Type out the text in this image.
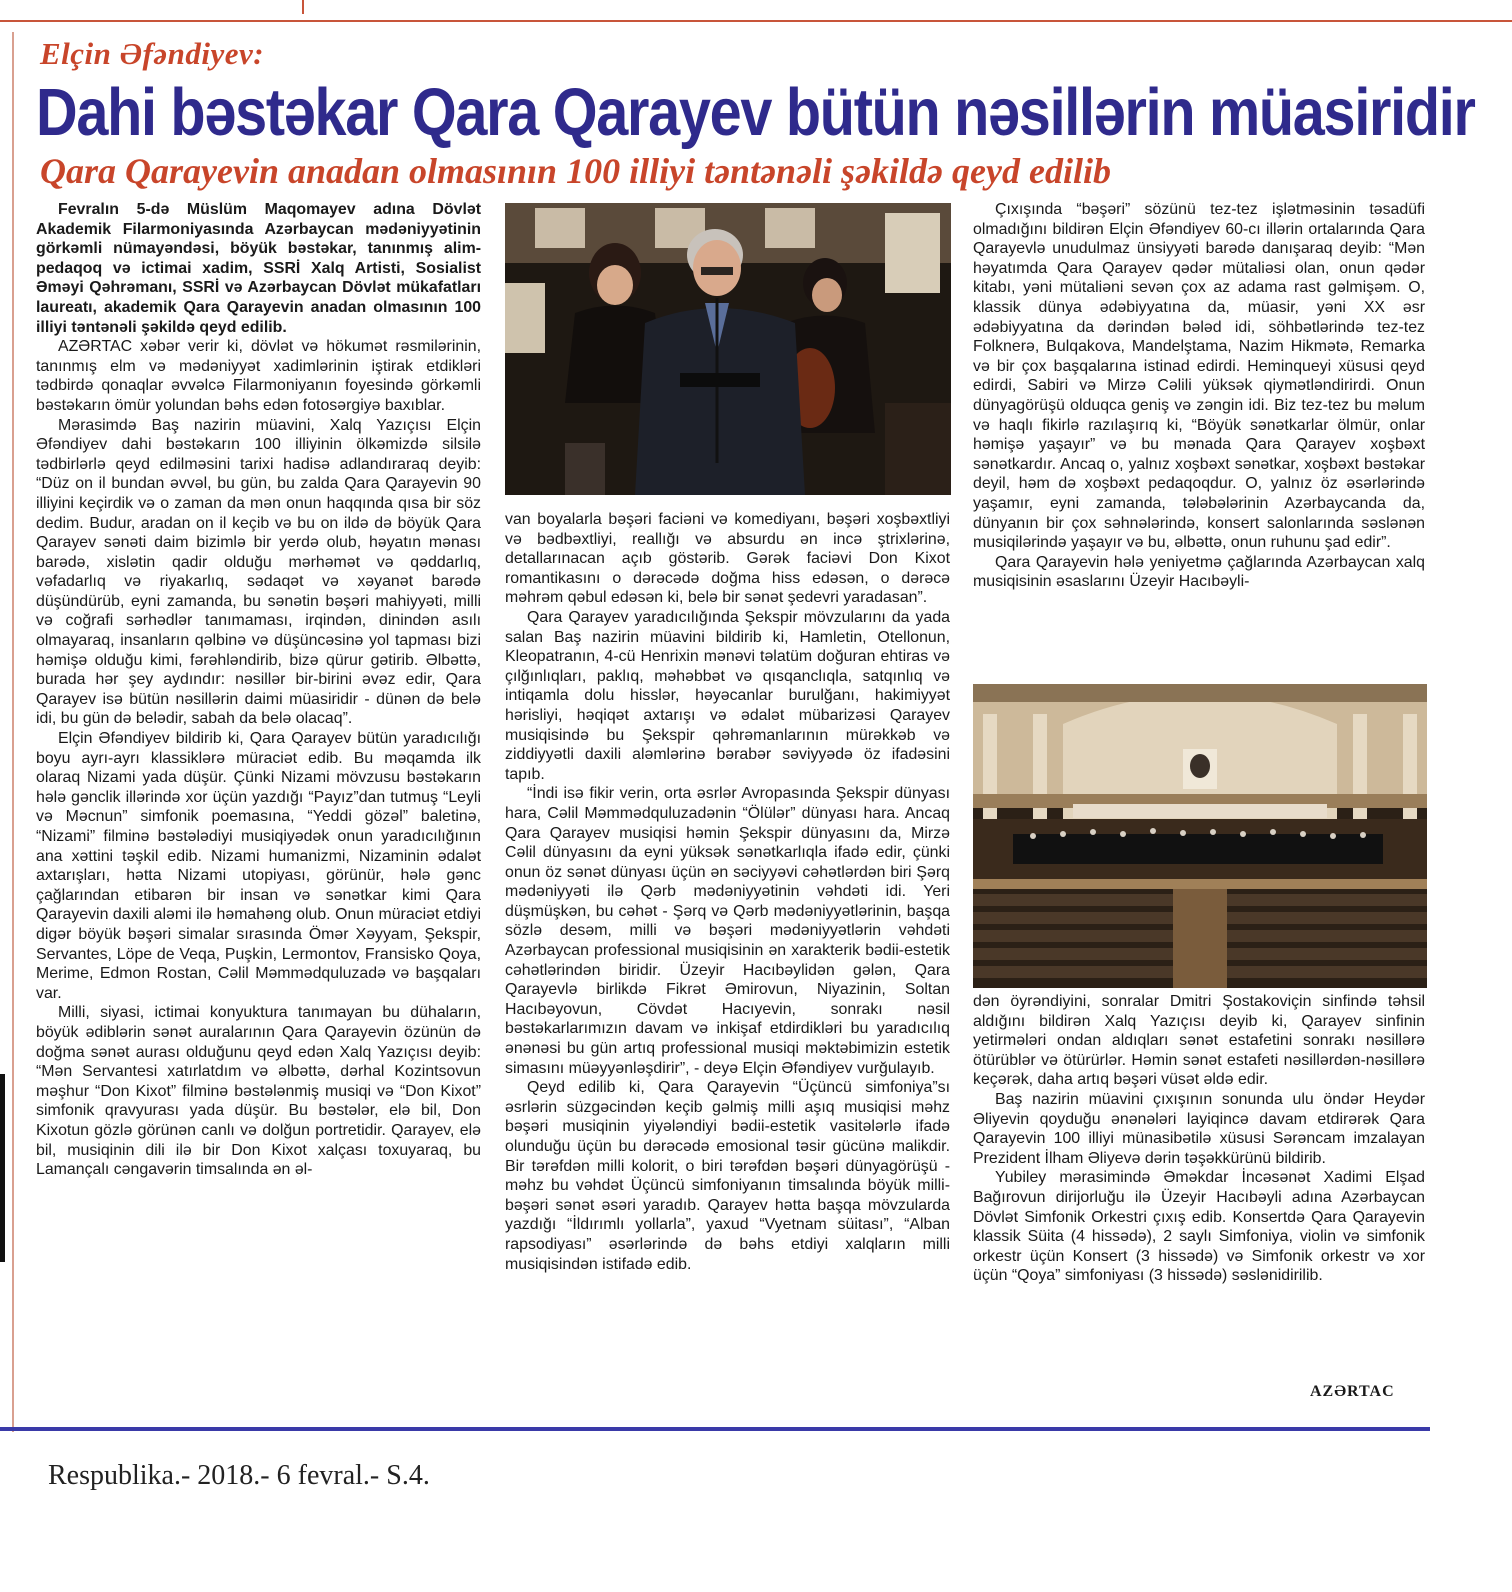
Elçin Əfəndiyev:
Dahi bəstəkar Qara Qarayev bütün nəsillərin müasiridir
Qara Qarayevin anadan olmasının 100 illiyi təntənəli şəkildə qeyd edilib

Fevralın 5-də Müslüm Maqomayev adına Dövlət Akademik Filarmoniyasında Azərbaycan mədəniyyətinin görkəmli nümayəndəsi, böyük bəstəkar, tanınmış alim-pedaqoq və ictimai xadim, SSRİ Xalq Artisti, Sosialist Əməyi Qəhrəmanı, SSRİ və Azərbaycan Dövlət mükafatları laureatı, akademik Qara Qarayevin anadan olmasının 100 illiyi təntənəli şəkildə qeyd edilib.

AZƏRTAC xəbər verir ki, dövlət və hökumət rəsmilərinin, tanınmış elm və mədəniyyət xadimlərinin iştirak etdikləri tədbirdə qonaqlar əvvəlcə Filarmoniyanın foyesində görkəmli bəstəkarın ömür yolundan bəhs edən fotosərgiyə baxıblar.

Mərasimdə Baş nazirin müavini, Xalq Yazıçısı Elçin Əfəndiyev dahi bəstəkarın 100 illiyinin ölkəmizdə silsilə tədbirlərlə qeyd edilməsini tarixi hadisə adlandıraraq deyib: “Düz on il bundan əvvəl, bu gün, bu zalda Qara Qarayevin 90 illiyini keçirdik və o zaman da mən onun haqqında qısa bir söz dedim. Budur, aradan on il keçib və bu on ildə də böyük Qara Qarayev sənəti daim bizimlə bir yerdə olub, həyatın mənası barədə, xislətin qadir olduğu mərhəmət və qəddarlıq, vəfadarlıq və riyakarlıq, sədaqət və xəyanət barədə düşündürüb, eyni zamanda, bu sənətin bəşəri mahiyyəti, milli və coğrafi sərhədlər tanımaması, irqindən, dinindən asılı olmayaraq, insanların qəlbinə və düşüncəsinə yol tapması bizi həmişə olduğu kimi, fərəhləndirib, bizə qürur gətirib. Əlbəttə, burada hər şey aydındır: nəsillər bir-birini əvəz edir, Qara Qarayev isə bütün nəsillərin daimi müasiridir - dünən də belə idi, bu gün də belədir, sabah da belə olacaq”.

Elçin Əfəndiyev bildirib ki, Qara Qarayev bütün yaradıcılığı boyu ayrı-ayrı klassiklərə müraciət edib. Bu məqamda ilk olaraq Nizami yada düşür. Çünki Nizami mövzusu bəstəkarın hələ gənclik illərində xor üçün yazdığı “Payız”dan tutmuş “Leyli və Məcnun” simfonik poemasına, “Yeddi gözəl” baletinə, “Nizami” filminə bəstələdiyi musiqiyədək onun yaradıcılığının ana xəttini təşkil edib. Nizami humanizmi, Nizaminin ədalət axtarışları, hətta Nizami utopiyası, görünür, hələ gənc çağlarından etibarən bir insan və sənətkar kimi Qara Qarayevin daxili aləmi ilə həmahəng olub. Onun müraciət etdiyi digər böyük bəşəri simalar sırasında Ömər Xəyyam, Şekspir, Servantes, Löpe de Veqa, Puşkin, Lermontov, Fransisko Qoya, Merime, Edmon Rostan, Cəlil Məmmədquluzadə və başqaları var.

Milli, siyasi, ictimai konyuktura tanımayan bu dühaların, böyük ədiblərin sənət auralarının Qara Qarayevin özünün də doğma sənət aurası olduğunu qeyd edən Xalq Yazıçısı deyib: “Mən Servantesi xatırlatdım və əlbəttə, dərhal Kozintsovun məşhur “Don Kixot” filminə bəstələnmiş musiqi və “Don Kixot” simfonik qravyurası yada düşür. Bu bəstələr, elə bil, Don Kixotun gözlə görünən canlı və dolğun portretidir. Qarayev, elə bil, musiqinin dili ilə bir Don Kixot xalçası toxuyaraq, bu Lamançalı cəngavərin timsalında ən əl-

van boyalarla bəşəri faciəni və komediyanı, bəşəri xoşbəxtliyi və bədbəxtliyi, reallığı və absurdu ən incə ştrixlərinə, detallarınacan açıb göstərib. Gərək faciəvi Don Kixot romantikasını o dərəcədə doğma hiss edəsən, o dərəcə məhrəm qəbul edəsən ki, belə bir sənət şedevri yaradasan”.

Qara Qarayev yaradıcılığında Şekspir mövzularını da yada salan Baş nazirin müavini bildirib ki, Hamletin, Otellonun, Kleopatranın, 4-cü Henrixin mənəvi təlatüm doğuran ehtiras və çılğınlıqları, paklıq, məhəbbət və qısqanclıqla, satqınlıq və intiqamla dolu hisslər, həyəcanlar burulğanı, hakimiyyət hərisliyi, həqiqət axtarışı və ədalət mübarizəsi Qarayev musiqisində bu Şekspir qəhrəmanlarının mürəkkəb və ziddiyyətli daxili aləmlərinə bərabər səviyyədə öz ifadəsini tapıb.

“İndi isə fikir verin, orta əsrlər Avropasında Şekspir dünyası hara, Cəlil Məmmədquluzadənin “Ölülər” dünyası hara. Ancaq Qara Qarayev musiqisi həmin Şekspir dünyasını da, Mirzə Cəlil dünyasını da eyni yüksək sənətkarlıqla ifadə edir, çünki onun öz sənət dünyası üçün ən səciyyəvi cəhətlərdən biri Şərq mədəniyyəti ilə Qərb mədəniyyətinin vəhdəti idi. Yeri düşmüşkən, bu cəhət - Şərq və Qərb mədəniyyətlərinin, başqa sözlə desəm, milli və bəşəri mədəniyyətlərin vəhdəti Azərbaycan professional musiqisinin ən xarakterik bədii-estetik cəhətlərindən biridir. Üzeyir Hacıbəylidən gələn, Qara Qarayevlə birlikdə Fikrət Əmirovun, Niyazinin, Soltan Hacıbəyovun, Cövdət Hacıyevin, sonrakı nəsil bəstəkarlarımızın davam və inkişaf etdirdikləri bu yaradıcılıq ənənəsi bu gün artıq professional musiqi məktəbimizin estetik simasını müəyyənləşdirir”, - deyə Elçin Əfəndiyev vurğulayıb.

Qeyd edilib ki, Qara Qarayevin “Üçüncü simfoniya”sı əsrlərin süzgəcindən keçib gəlmiş milli aşıq musiqisi məhz bəşəri musiqinin yiyələndiyi bədii-estetik vasitələrlə ifadə olunduğu üçün bu dərəcədə emosional təsir gücünə malikdir. Bir tərəfdən milli kolorit, o biri tərəfdən bəşəri dünyagörüşü - məhz bu vəhdət Üçüncü simfoniyanın timsalında böyük milli-bəşəri sənət əsəri yaradıb. Qarayev hətta başqa mövzularda yazdığı “İldırımlı yollarla”, yaxud “Vyetnam süitası”, “Alban rapsodiyası” əsərlərində də bəhs etdiyi xalqların milli musiqisindən istifadə edib.

Çıxışında “bəşəri” sözünü tez-tez işlətməsinin təsadüfi olmadığını bildirən Elçin Əfəndiyev 60-cı illərin ortalarında Qara Qarayevlə unudulmaz ünsiyyəti barədə danışaraq deyib: “Mən həyatımda Qara Qarayev qədər mütaliəsi olan, onun qədər kitabı, yəni mütaliəni sevən çox az adama rast gəlmişəm. O, klassik dünya ədəbiyyatına da, müasir, yəni XX əsr ədəbiyyatına da dərindən bələd idi, söhbətlərində tez-tez Folknerə, Bulqakova, Mandelştama, Nazim Hikmətə, Remarka və bir çox başqalarına istinad edirdi. Heminqueyi xüsusi qeyd edirdi, Sabiri və Mirzə Cəlili yüksək qiymətləndirirdi. Onun dünyagörüşü olduqca geniş və zəngin idi. Biz tez-tez bu məlum və haqlı fikirlə razılaşırıq ki, “Böyük sənətkarlar ölmür, onlar həmişə yaşayır” və bu mənada Qara Qarayev xoşbəxt sənətkardır. Ancaq o, yalnız xoşbəxt sənətkar, xoşbəxt bəstəkar deyil, həm də xoşbəxt pedaqoqdur. O, yalnız öz əsərlərində yaşamır, eyni zamanda, tələbələrinin Azərbaycanda da, dünyanın bir çox səhnələrində, konsert salonlarında səslənən musiqilərində yaşayır və bu, əlbəttə, onun ruhunu şad edir”.

Qara Qarayevin hələ yeniyetmə çağlarında Azərbaycan xalq musiqisinin əsaslarını Üzeyir Hacıbəyli-

dən öyrəndiyini, sonralar Dmitri Şostakoviçin sinfində təhsil aldığını bildirən Xalq Yazıçısı deyib ki, Qarayev sinfinin yetirmələri ondan aldıqları sənət estafetini sonrakı nəsillərə ötürüblər və ötürürlər. Həmin sənət estafeti nəsillərdən-nəsillərə keçərək, daha artıq bəşəri vüsət əldə edir.

Baş nazirin müavini çıxışının sonunda ulu öndər Heydər Əliyevin qoyduğu ənənələri layiqincə davam etdirərək Qara Qarayevin 100 illiyi münasibətilə xüsusi Sərəncam imzalayan Prezident İlham Əliyevə dərin təşəkkürünü bildirib.

Yubiley mərasimində Əməkdar İncəsənət Xadimi Elşad Bağırovun dirijorluğu ilə Üzeyir Hacıbəyli adına Azərbaycan Dövlət Simfonik Orkestri çıxış edib. Konsertdə Qara Qarayevin klassik Süita (4 hissədə), 2 saylı Simfoniya, violin və simfonik orkestr üçün Konsert (3 hissədə) və Simfonik orkestr və xor üçün “Qoya” simfoniyası (3 hissədə) səslənidirilib.

AZƏRTAC
Respublika.- 2018.- 6 fevral.- S.4.
